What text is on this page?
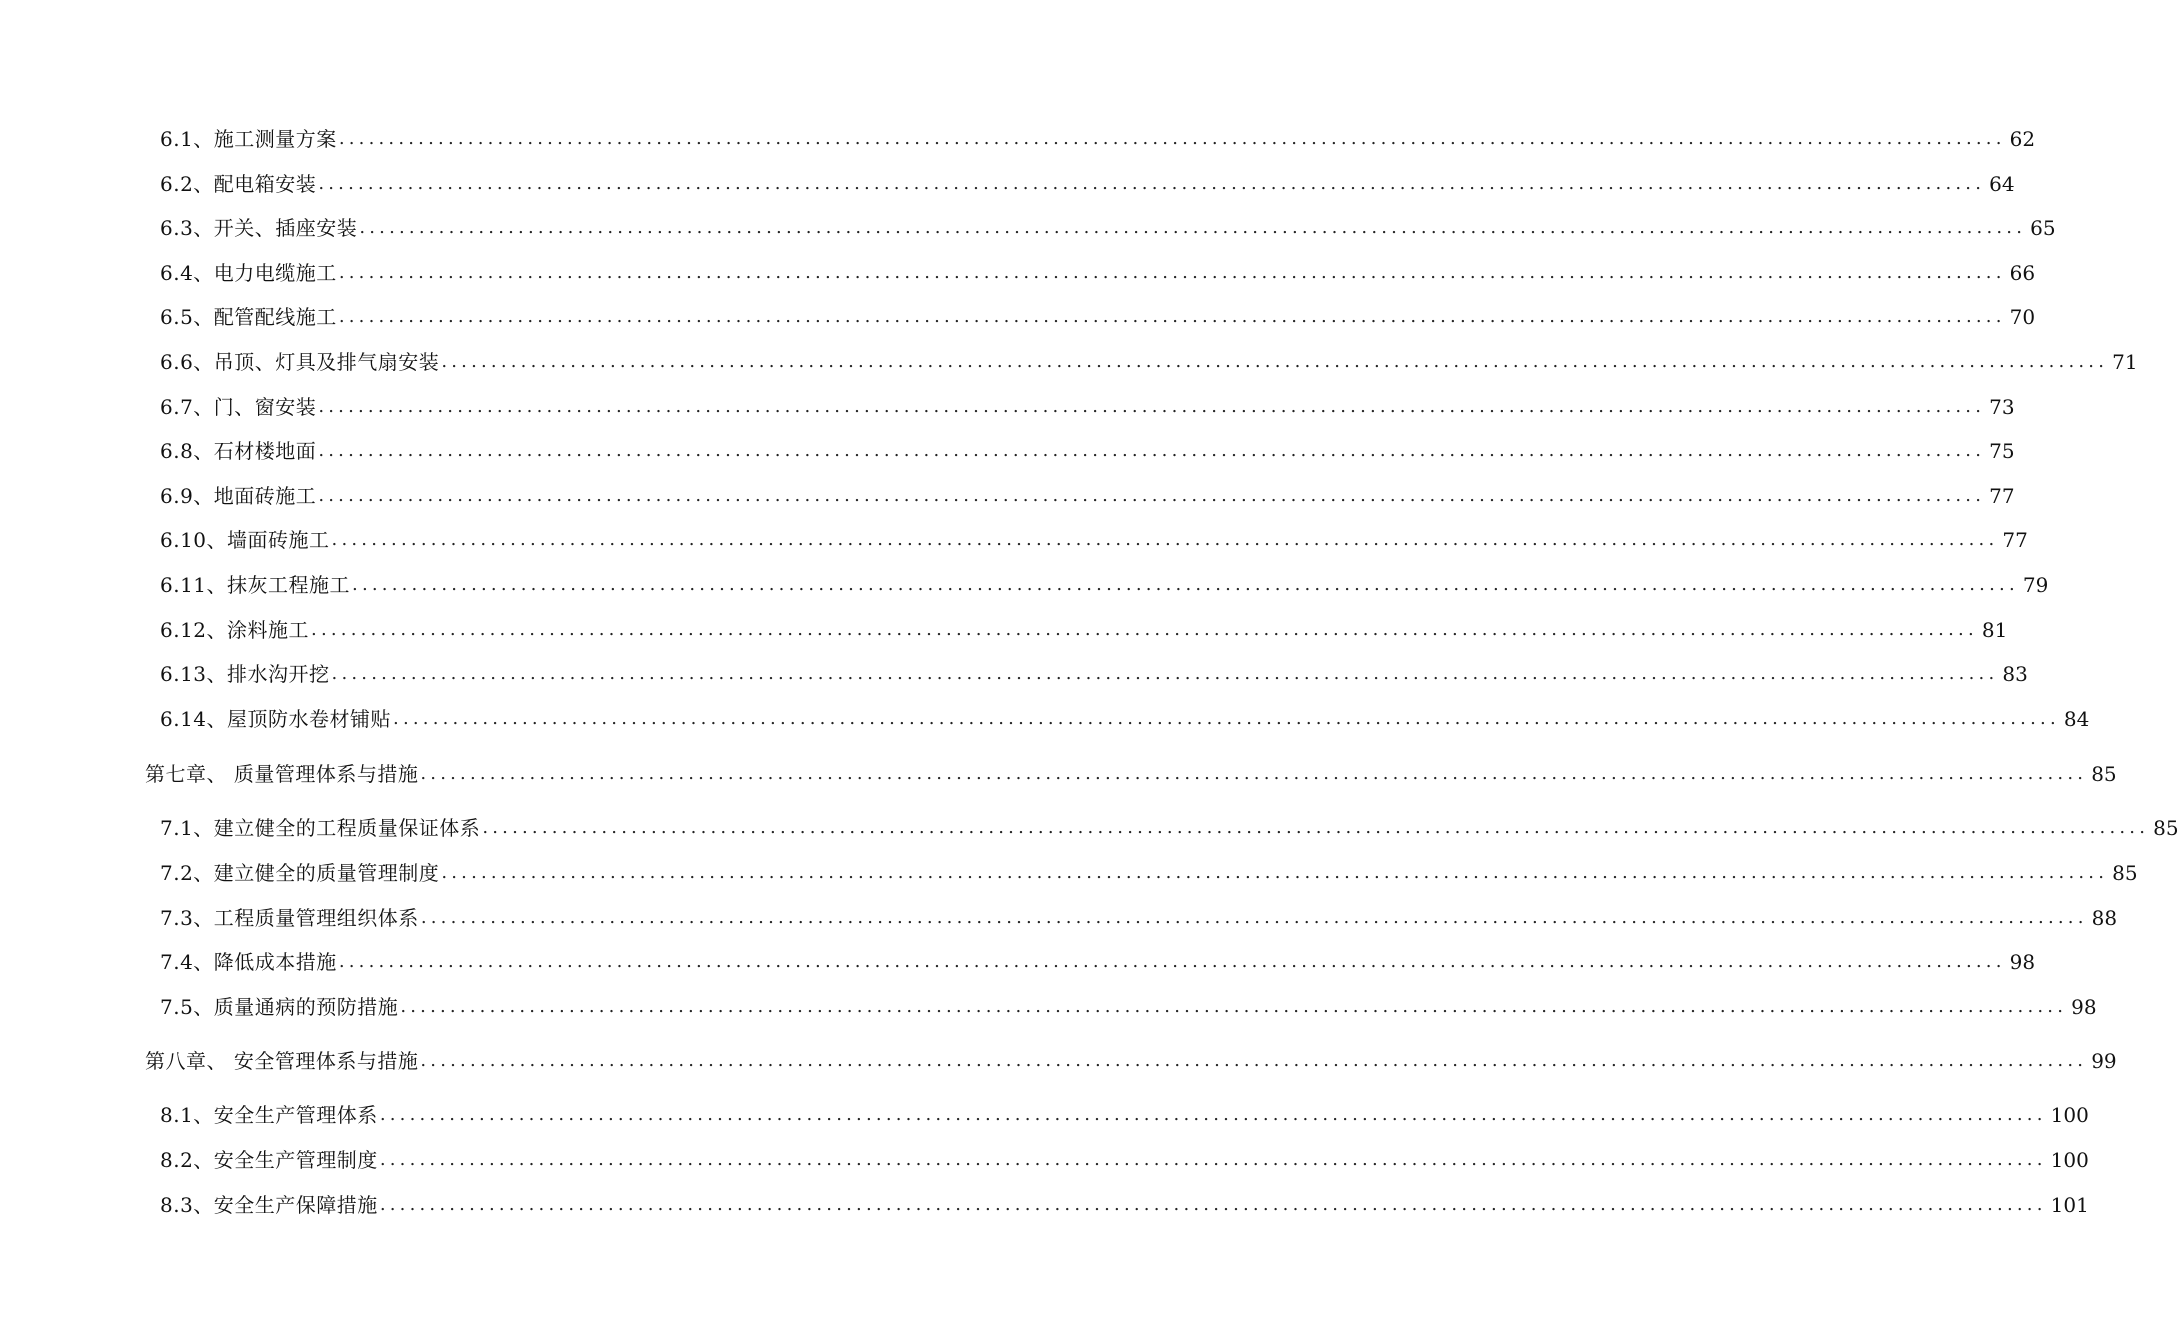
6.1、施工测量方案 ........................................................................................................................................................................ 62
6.2、配电箱安装 ........................................................................................................................................................................ 64
6.3、开关、插座安装 ........................................................................................................................................................................ 65
6.4、电力电缆施工 ........................................................................................................................................................................ 66
6.5、配管配线施工 ........................................................................................................................................................................ 70
6.6、吊顶、灯具及排气扇安装 ........................................................................................................................................................................ 71
6.7、门、窗安装 ........................................................................................................................................................................ 73
6.8、石材楼地面 ........................................................................................................................................................................ 75
6.9、地面砖施工 ........................................................................................................................................................................ 77
6.10、墙面砖施工 ........................................................................................................................................................................ 77
6.11、抹灰工程施工 ........................................................................................................................................................................ 79
6.12、涂料施工 ........................................................................................................................................................................ 81
6.13、排水沟开挖 ........................................................................................................................................................................ 83
6.14、屋顶防水卷材铺贴 ........................................................................................................................................................................ 84
第七章、 质量管理体系与措施 ........................................................................................................................................................................ 85
7.1、建立健全的工程质量保证体系 ........................................................................................................................................................................ 85
7.2、建立健全的质量管理制度 ........................................................................................................................................................................ 85
7.3、工程质量管理组织体系 ........................................................................................................................................................................ 88
7.4、降低成本措施 ........................................................................................................................................................................ 98
7.5、质量通病的预防措施 ........................................................................................................................................................................ 98
第八章、 安全管理体系与措施 ........................................................................................................................................................................ 99
8.1、安全生产管理体系 ........................................................................................................................................................................ 100
8.2、安全生产管理制度 ........................................................................................................................................................................ 100
8.3、安全生产保障措施 ........................................................................................................................................................................ 101
